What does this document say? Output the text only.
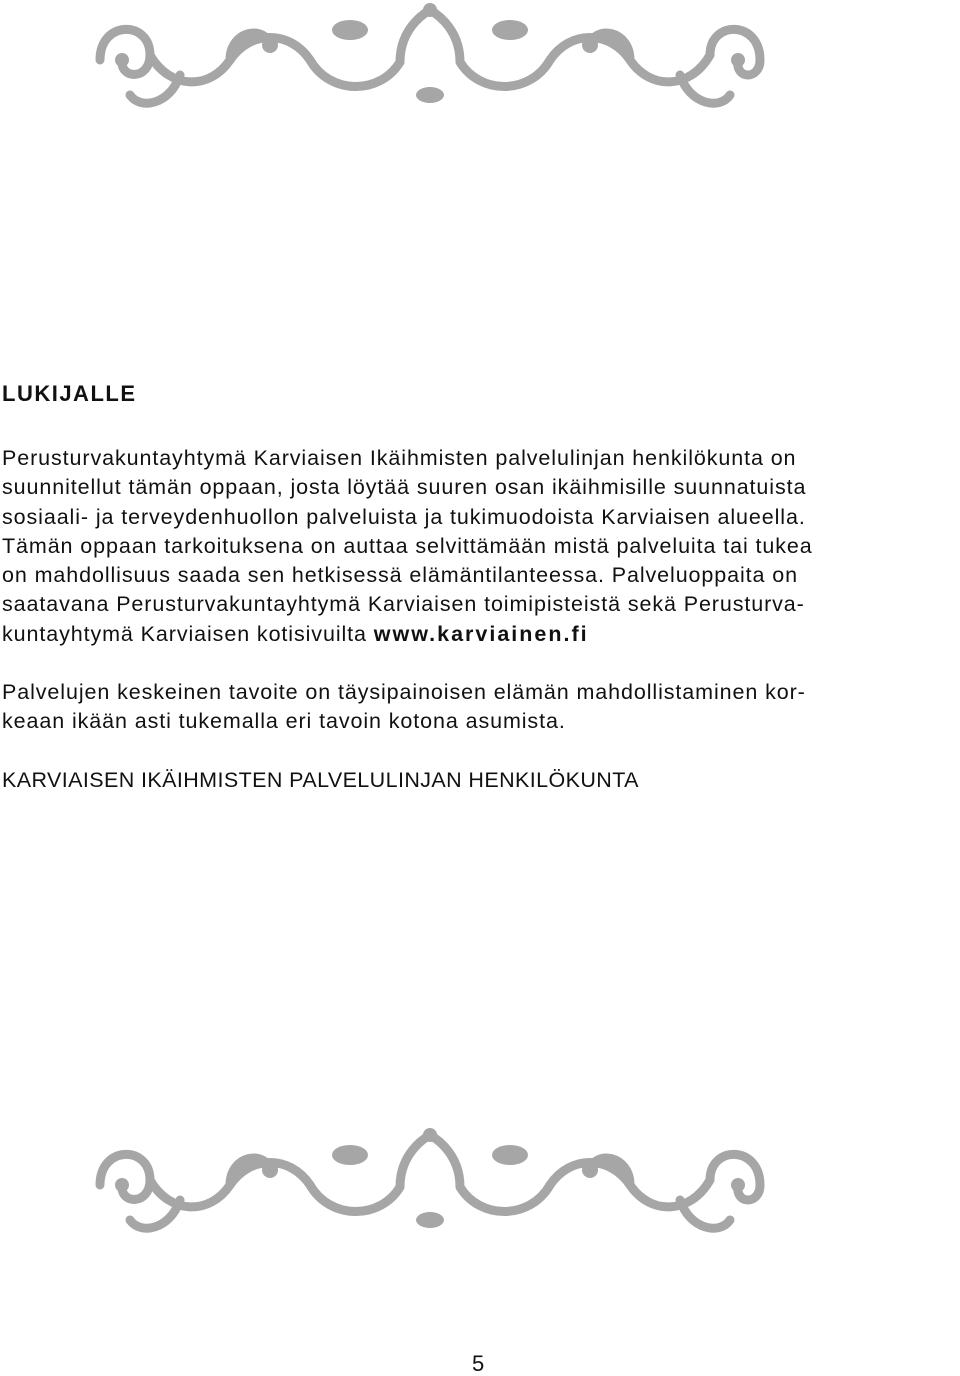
LUKIJALLE

Perusturvakuntayhtymä Karviaisen Ikäihmisten palvelulinjan henkilökunta on
suunnitellut tämän oppaan, josta löytää suuren osan ikäihmisille suunnatuista
sosiaali- ja terveydenhuollon palveluista ja tukimuodoista Karviaisen alueella.
Tämän oppaan tarkoituksena on auttaa selvittämään mistä palveluita tai tukea
on mahdollisuus saada sen hetkisessä elämäntilanteessa. Palveluoppaita on
saatavana Perusturvakuntayhtymä Karviaisen toimipisteistä sekä Perusturva-
kuntayhtymä Karviaisen kotisivuilta www.karviainen.fi

Palvelujen keskeinen tavoite on täysipainoisen elämän mahdollistaminen kor-
keaan ikään asti tukemalla eri tavoin kotona asumista.

KARVIAISEN IKÄIHMISTEN PALVELULINJAN HENKILÖKUNTA

5
